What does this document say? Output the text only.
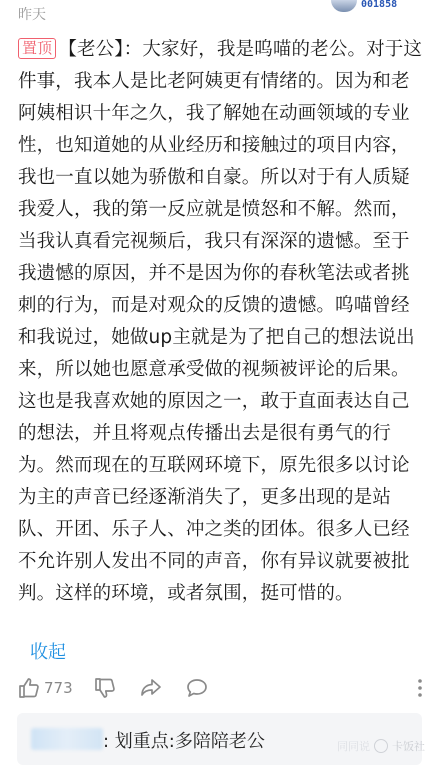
昨天
001858
置顶 【老公】：大家好，我是呜喵的老公。对于这件事，我本人是比老阿姨更有情绪的。因为和老阿姨相识十年之久，我了解她在动画领域的专业性，也知道她的从业经历和接触过的项目内容，我也一直以她为骄傲和自豪。所以对于有人质疑我爱人，我的第一反应就是愤怒和不解。然而，当我认真看完视频后，我只有深深的遗憾。至于我遗憾的原因，并不是因为你的春秋笔法或者挑刺的行为，而是对观众的反馈的遗憾。呜喵曾经和我说过，她做up主就是为了把自己的想法说出来，所以她也愿意承受做的视频被评论的后果。这也是我喜欢她的原因之一，敢于直面表达自己的想法，并且将观点传播出去是很有勇气的行为。然而现在的互联网环境下，原先很多以讨论为主的声音已经逐渐消失了，更多出现的是站队、开团、乐子人、冲之类的团体。很多人已经不允许别人发出不同的声音，你有异议就要被批判。这样的环境，或者氛围，挺可惜的。
收起
773
: 划重点:多陪陪老公	同同说 卡饭社
